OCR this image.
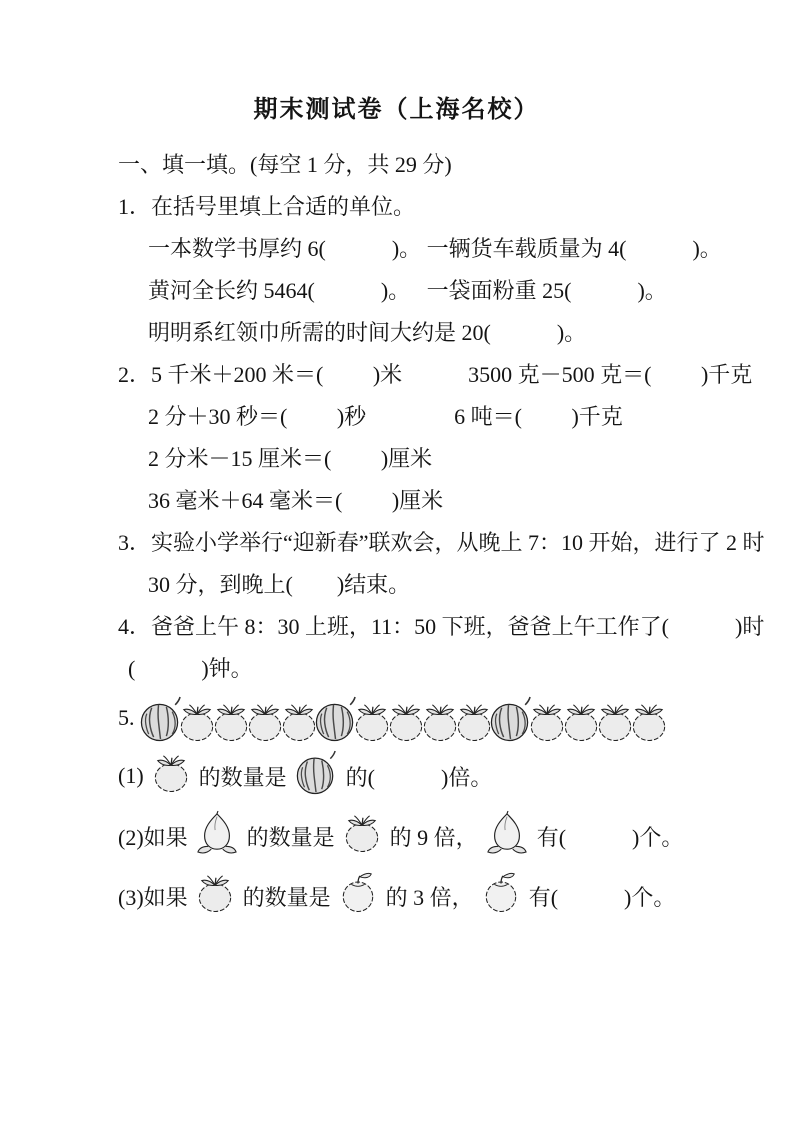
期末测试卷（上海名校）
一、填一填。(每空 1 分，共 29 分)
1．在括号里填上合适的单位。
一本数学书厚约 6(　　　)。 一辆货车载质量为 4(　　　)。
黄河全长约 5464(　　　)。　 一袋面粉重 25(　　　)。
明明系红领巾所需的时间大约是 20(　　　)。
2．5 千米＋200 米＝(　　 )米　　　3500 克－500 克＝(　　 )千克
2 分＋30 秒＝(　　 )秒　　　　6 吨＝(　　 )千克
2 分米－15 厘米＝(　　 )厘米
36 毫米＋64 毫米＝(　　 )厘米
3．实验小学举行“迎新春”联欢会，从晚上 7：10 开始，进行了 2 时
30 分，到晚上(　　)结束。
4．爸爸上午 8：30 上班，11：50 下班，爸爸上午工作了(　　　)时
(　　　)钟。
5.
(1)

的数量是

的(　　　)倍。
(2)如果

的数量是

的 9 倍，

有(　　　)个。
(3)如果

的数量是

的 3 倍，

有(　　　)个。
